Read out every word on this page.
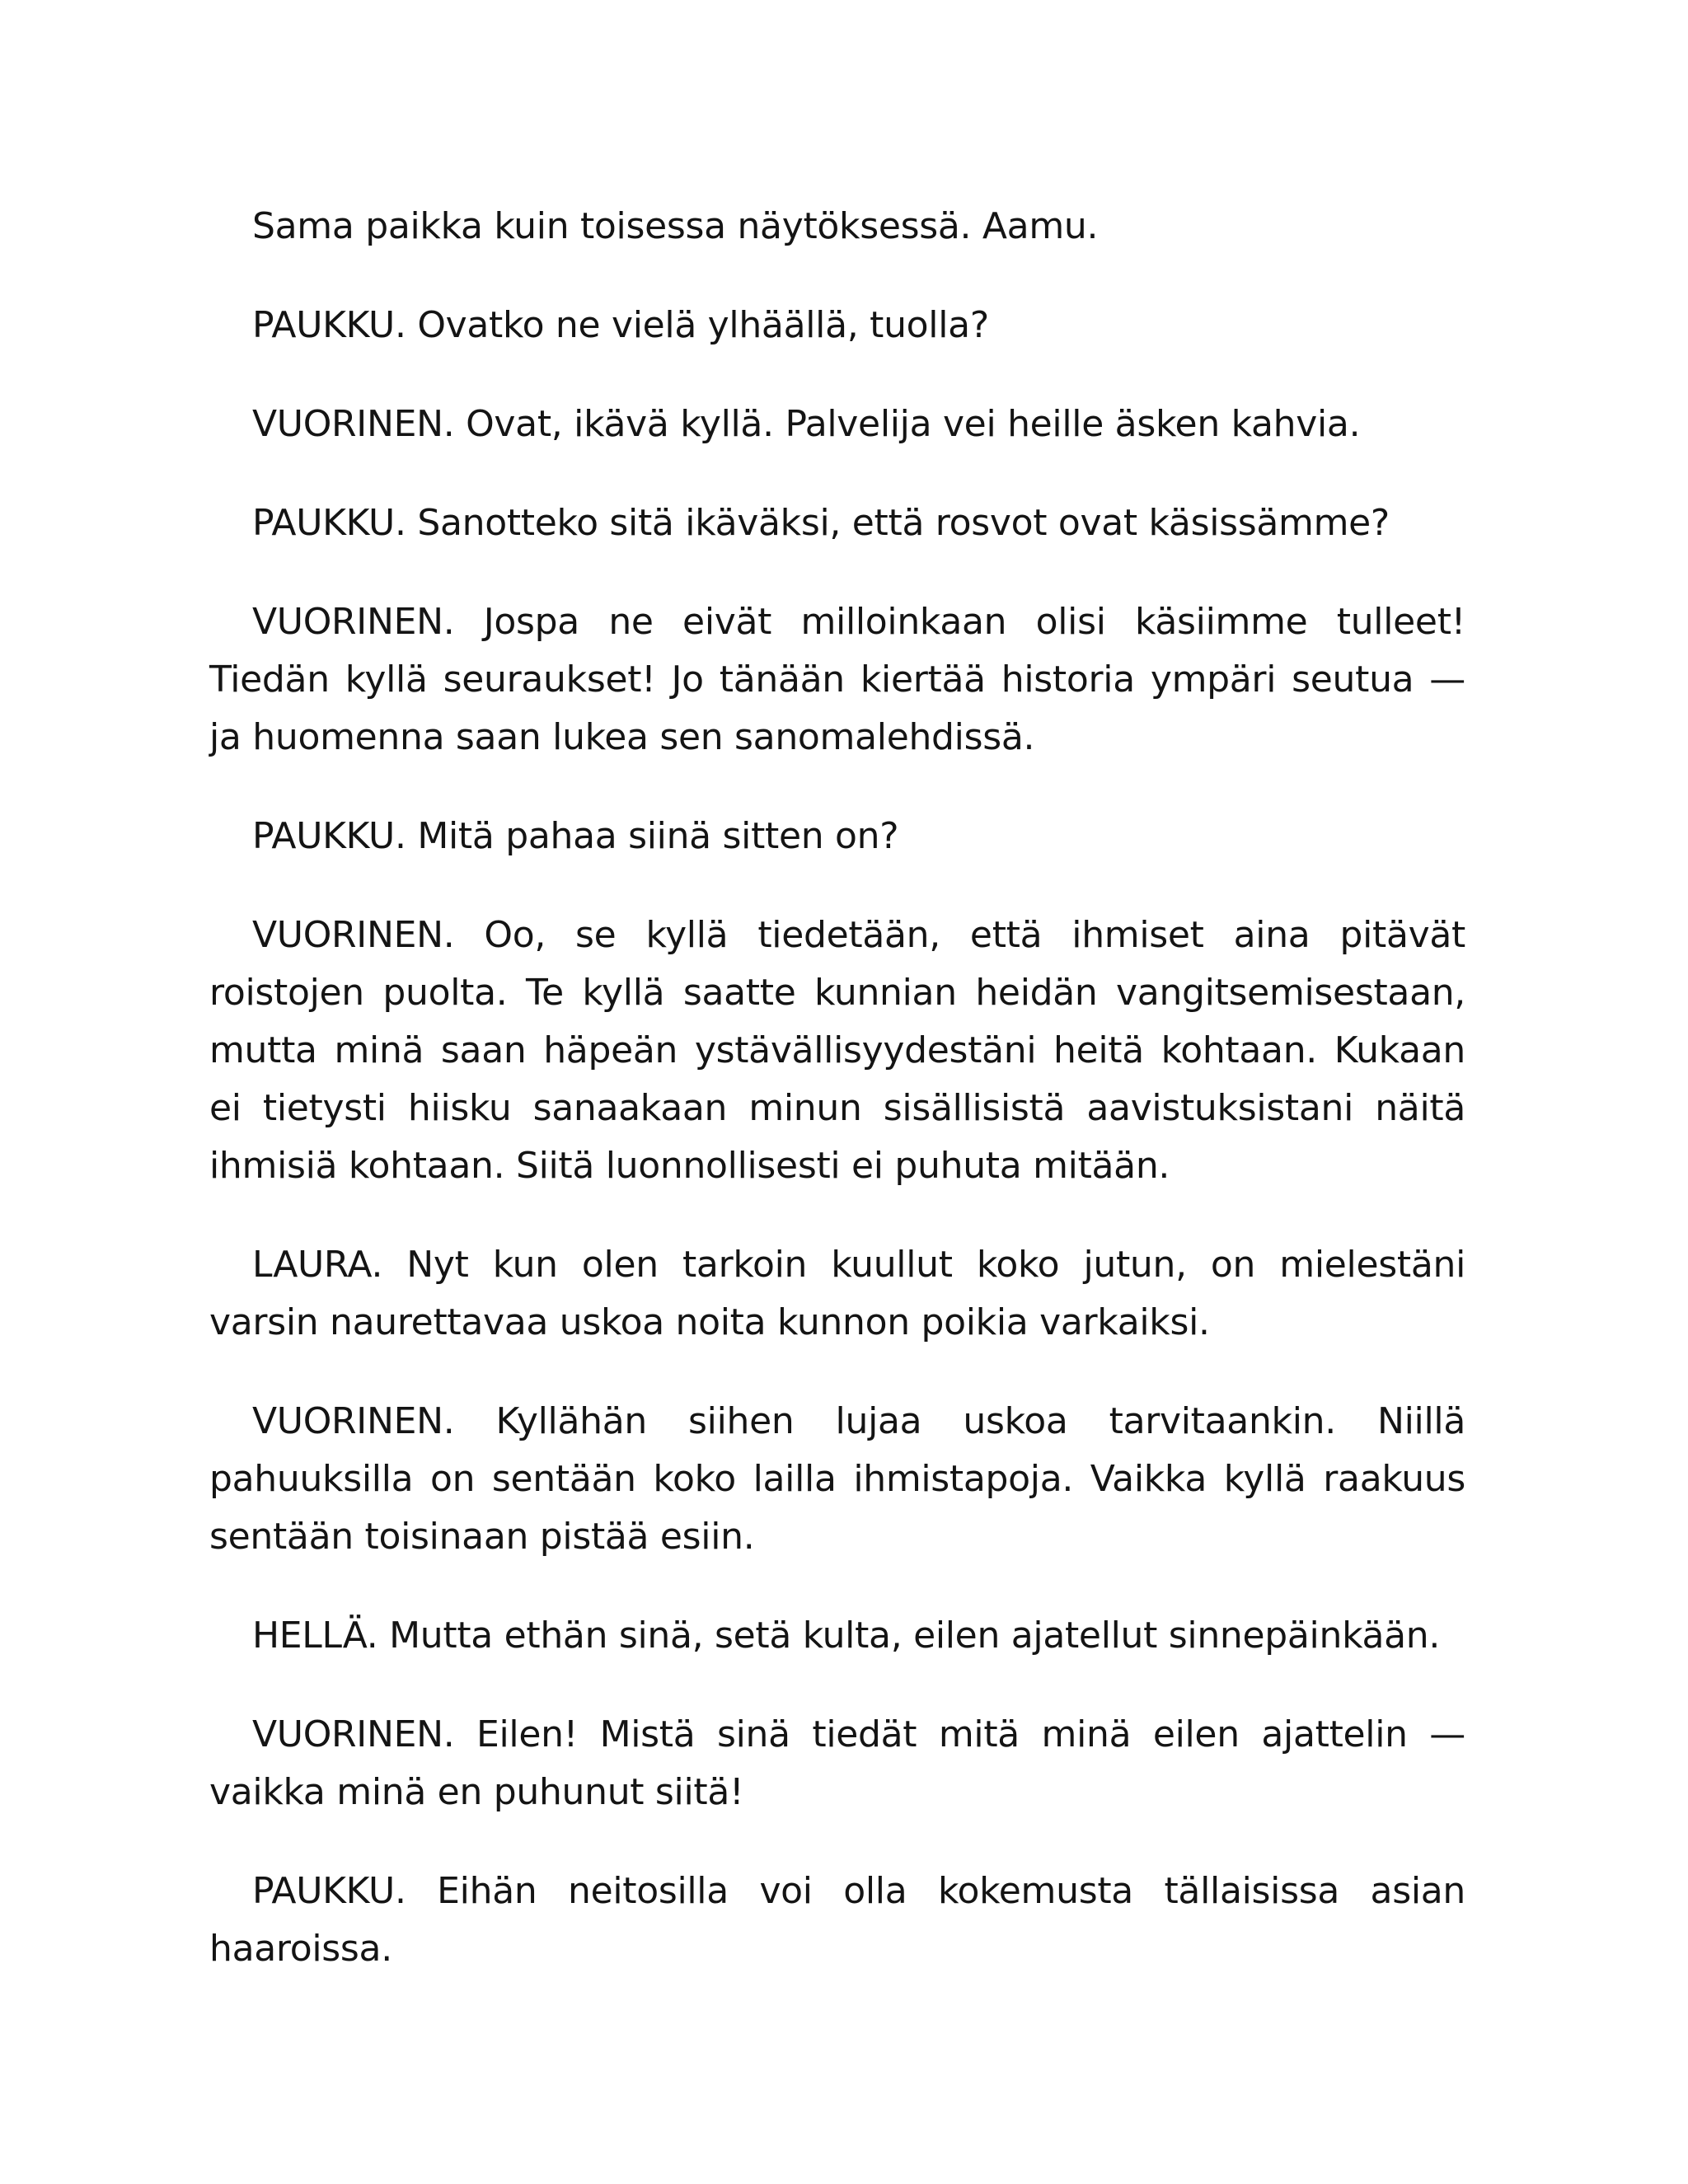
Sama paikka kuin toisessa näytöksessä. Aamu.

PAUKKU. Ovatko ne vielä ylhäällä, tuolla?

VUORINEN. Ovat, ikävä kyllä. Palvelija vei heille äsken kahvia.

PAUKKU. Sanotteko sitä ikäväksi, että rosvot ovat käsissämme?

VUORINEN. Jospa ne eivät milloinkaan olisi käsiimme tulleet! Tiedän kyllä seuraukset! Jo tänään kiertää historia ympäri seutua — ja huomenna saan lukea sen sanomalehdissä.

PAUKKU. Mitä pahaa siinä sitten on?

VUORINEN. Oo, se kyllä tiedetään, että ihmiset aina pitävät roistojen puolta. Te kyllä saatte kunnian heidän vangitsemisestaan, mutta minä saan häpeän ystävällisyydestäni heitä kohtaan. Kukaan ei tietysti hiisku sanaakaan minun sisällisistä aavistuksistani näitä ihmisiä kohtaan. Siitä luonnollisesti ei puhuta mitään.

LAURA. Nyt kun olen tarkoin kuullut koko jutun, on mielestäni varsin naurettavaa uskoa noita kunnon poikia varkaiksi.

VUORINEN. Kyllähän siihen lujaa uskoa tarvitaankin. Niillä pahuuksilla on sentään koko lailla ihmistapoja. Vaikka kyllä raakuus sentään toisinaan pistää esiin.

HELLÄ. Mutta ethän sinä, setä kulta, eilen ajatellut sinnepäinkään.

VUORINEN. Eilen! Mistä sinä tiedät mitä minä eilen ajattelin — vaikka minä en puhunut siitä!

PAUKKU. Eihän neitosilla voi olla kokemusta tällaisissa asian haaroissa.
